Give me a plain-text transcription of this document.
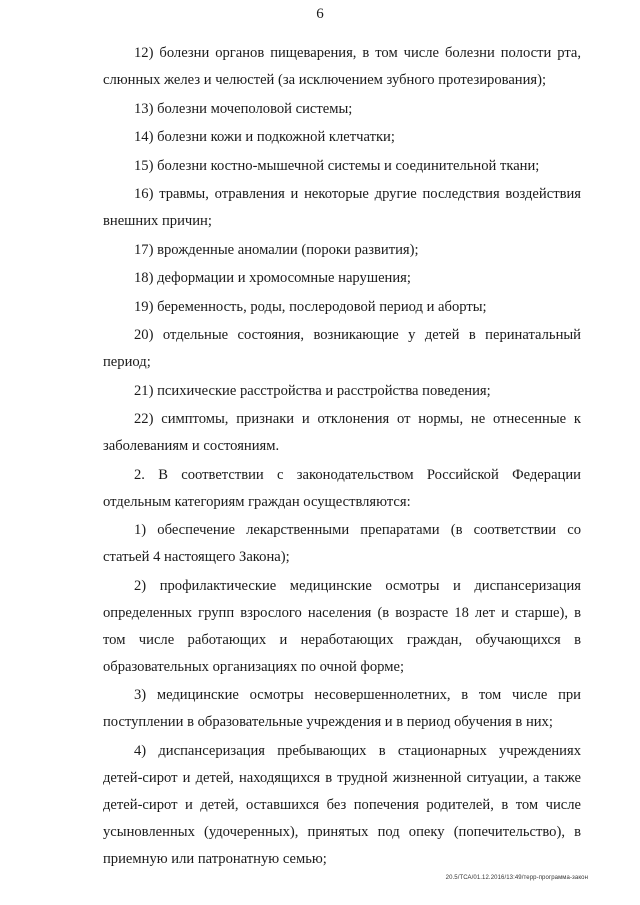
6

12) болезни органов пищеварения, в том числе болезни полости рта, слюнных желез и челюстей (за исключением зубного протезирования);

13) болезни мочеполовой системы;

14) болезни кожи и подкожной клетчатки;

15) болезни костно-мышечной системы и соединительной ткани;

16) травмы, отравления и некоторые другие последствия воздействия внешних причин;

17) врожденные аномалии (пороки развития);

18) деформации и хромосомные нарушения;

19) беременность, роды, послеродовой период и аборты;

20) отдельные состояния, возникающие у детей в перинатальный период;

21) психические расстройства и расстройства поведения;

22) симптомы, признаки и отклонения от нормы, не отнесенные к заболеваниям и состояниям.

2. В соответствии с законодательством Российской Федерации отдельным категориям граждан осуществляются:

1) обеспечение лекарственными препаратами (в соответствии со статьей 4 настоящего Закона);

2) профилактические медицинские осмотры и диспансеризация определенных групп взрослого населения (в возрасте 18 лет и старше), в том числе работающих и неработающих граждан, обучающихся в образовательных организациях по очной форме;

3) медицинские осмотры несовершеннолетних, в том числе при поступлении в образовательные учреждения и в период обучения в них;

4) диспансеризация пребывающих в стационарных учреждениях детей-сирот и детей, находящихся в трудной жизненной ситуации, а также детей-сирот и детей, оставшихся без попечения родителей, в том числе усыновленных (удочеренных), принятых под опеку (попечительство), в приемную или патронатную семью;

20.5/ТСА/01.12.2016/13:49/терр-программа-закон
